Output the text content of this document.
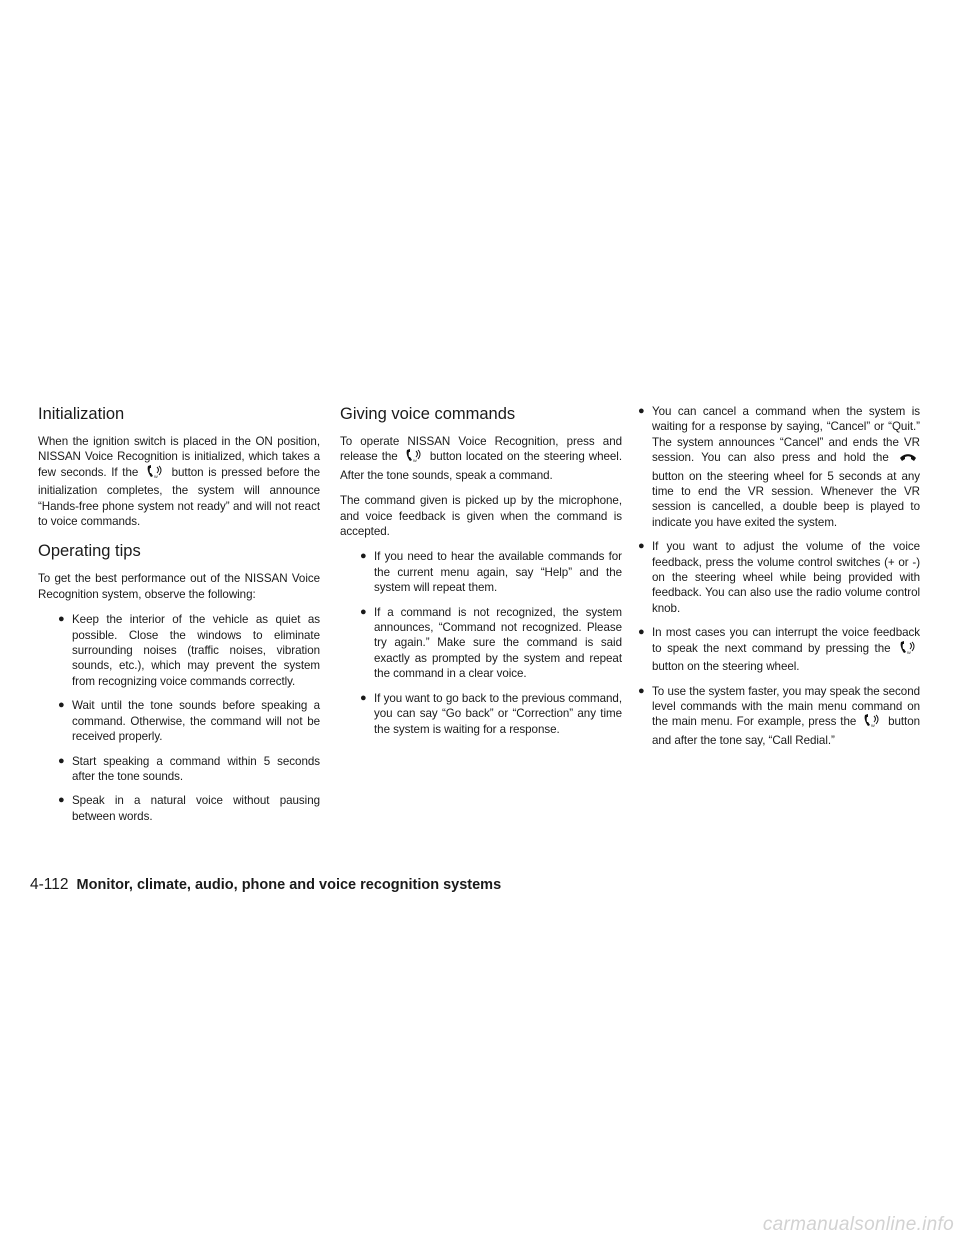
Initialization

When the ignition switch is placed in the ON position, NISSAN Voice Recognition is initialized, which takes a few seconds. If the	W button is pressed before the initialization completes, the system will announce “Hands-free phone system not ready” and will not react to voice commands.

Operating tips

To get the best performance out of the NISSAN Voice Recognition system, observe the following:

● Keep the interior of the vehicle as quiet as possible. Close the windows to eliminate surrounding noises (traffic noises, vibration sounds, etc.), which may prevent the system from recognizing voice commands correctly.
● Wait until the tone sounds before speaking a command. Otherwise, the command will not be received properly.
● Start speaking a command within 5 seconds after the tone sounds.
● Speak in a natural voice without pausing between words.
Giving voice commands

To operate NISSAN Voice Recognition, press and release the	W button located on the steering wheel. After the tone sounds, speak a command.

The command given is picked up by the microphone, and voice feedback is given when the command is accepted.

● If you need to hear the available commands for the current menu again, say “Help” and the system will repeat them.
● If a command is not recognized, the system announces, “Command not recognized. Please try again.” Make sure the command is said exactly as prompted by the system and repeat the command in a clear voice.
● If you want to go back to the previous command, you can say “Go back” or “Correction” any time the system is waiting for a response.
● You can cancel a command when the system is waiting for a response by saying, “Cancel” or “Quit.” The system announces “Cancel” and ends the VR session. You can also press and hold the  button on the steering wheel for 5 seconds at any time to end the VR session. Whenever the VR session is cancelled, a double beep is played to indicate you have exited the system.
● If you want to adjust the volume of the voice feedback, press the volume control switches (+ or -) on the steering wheel while being provided with feedback. You can also use the radio volume control knob.
● In most cases you can interrupt the voice feedback to speak the next command by pressing the	W
button on the steering wheel.
● To use the system faster, you may speak the second level commands with the main menu command on the main menu. For example, press the	W button and after the tone say, “Call Redial.”
4-112 Monitor, climate, audio, phone and voice recognition systems
carmanualsonline.info
